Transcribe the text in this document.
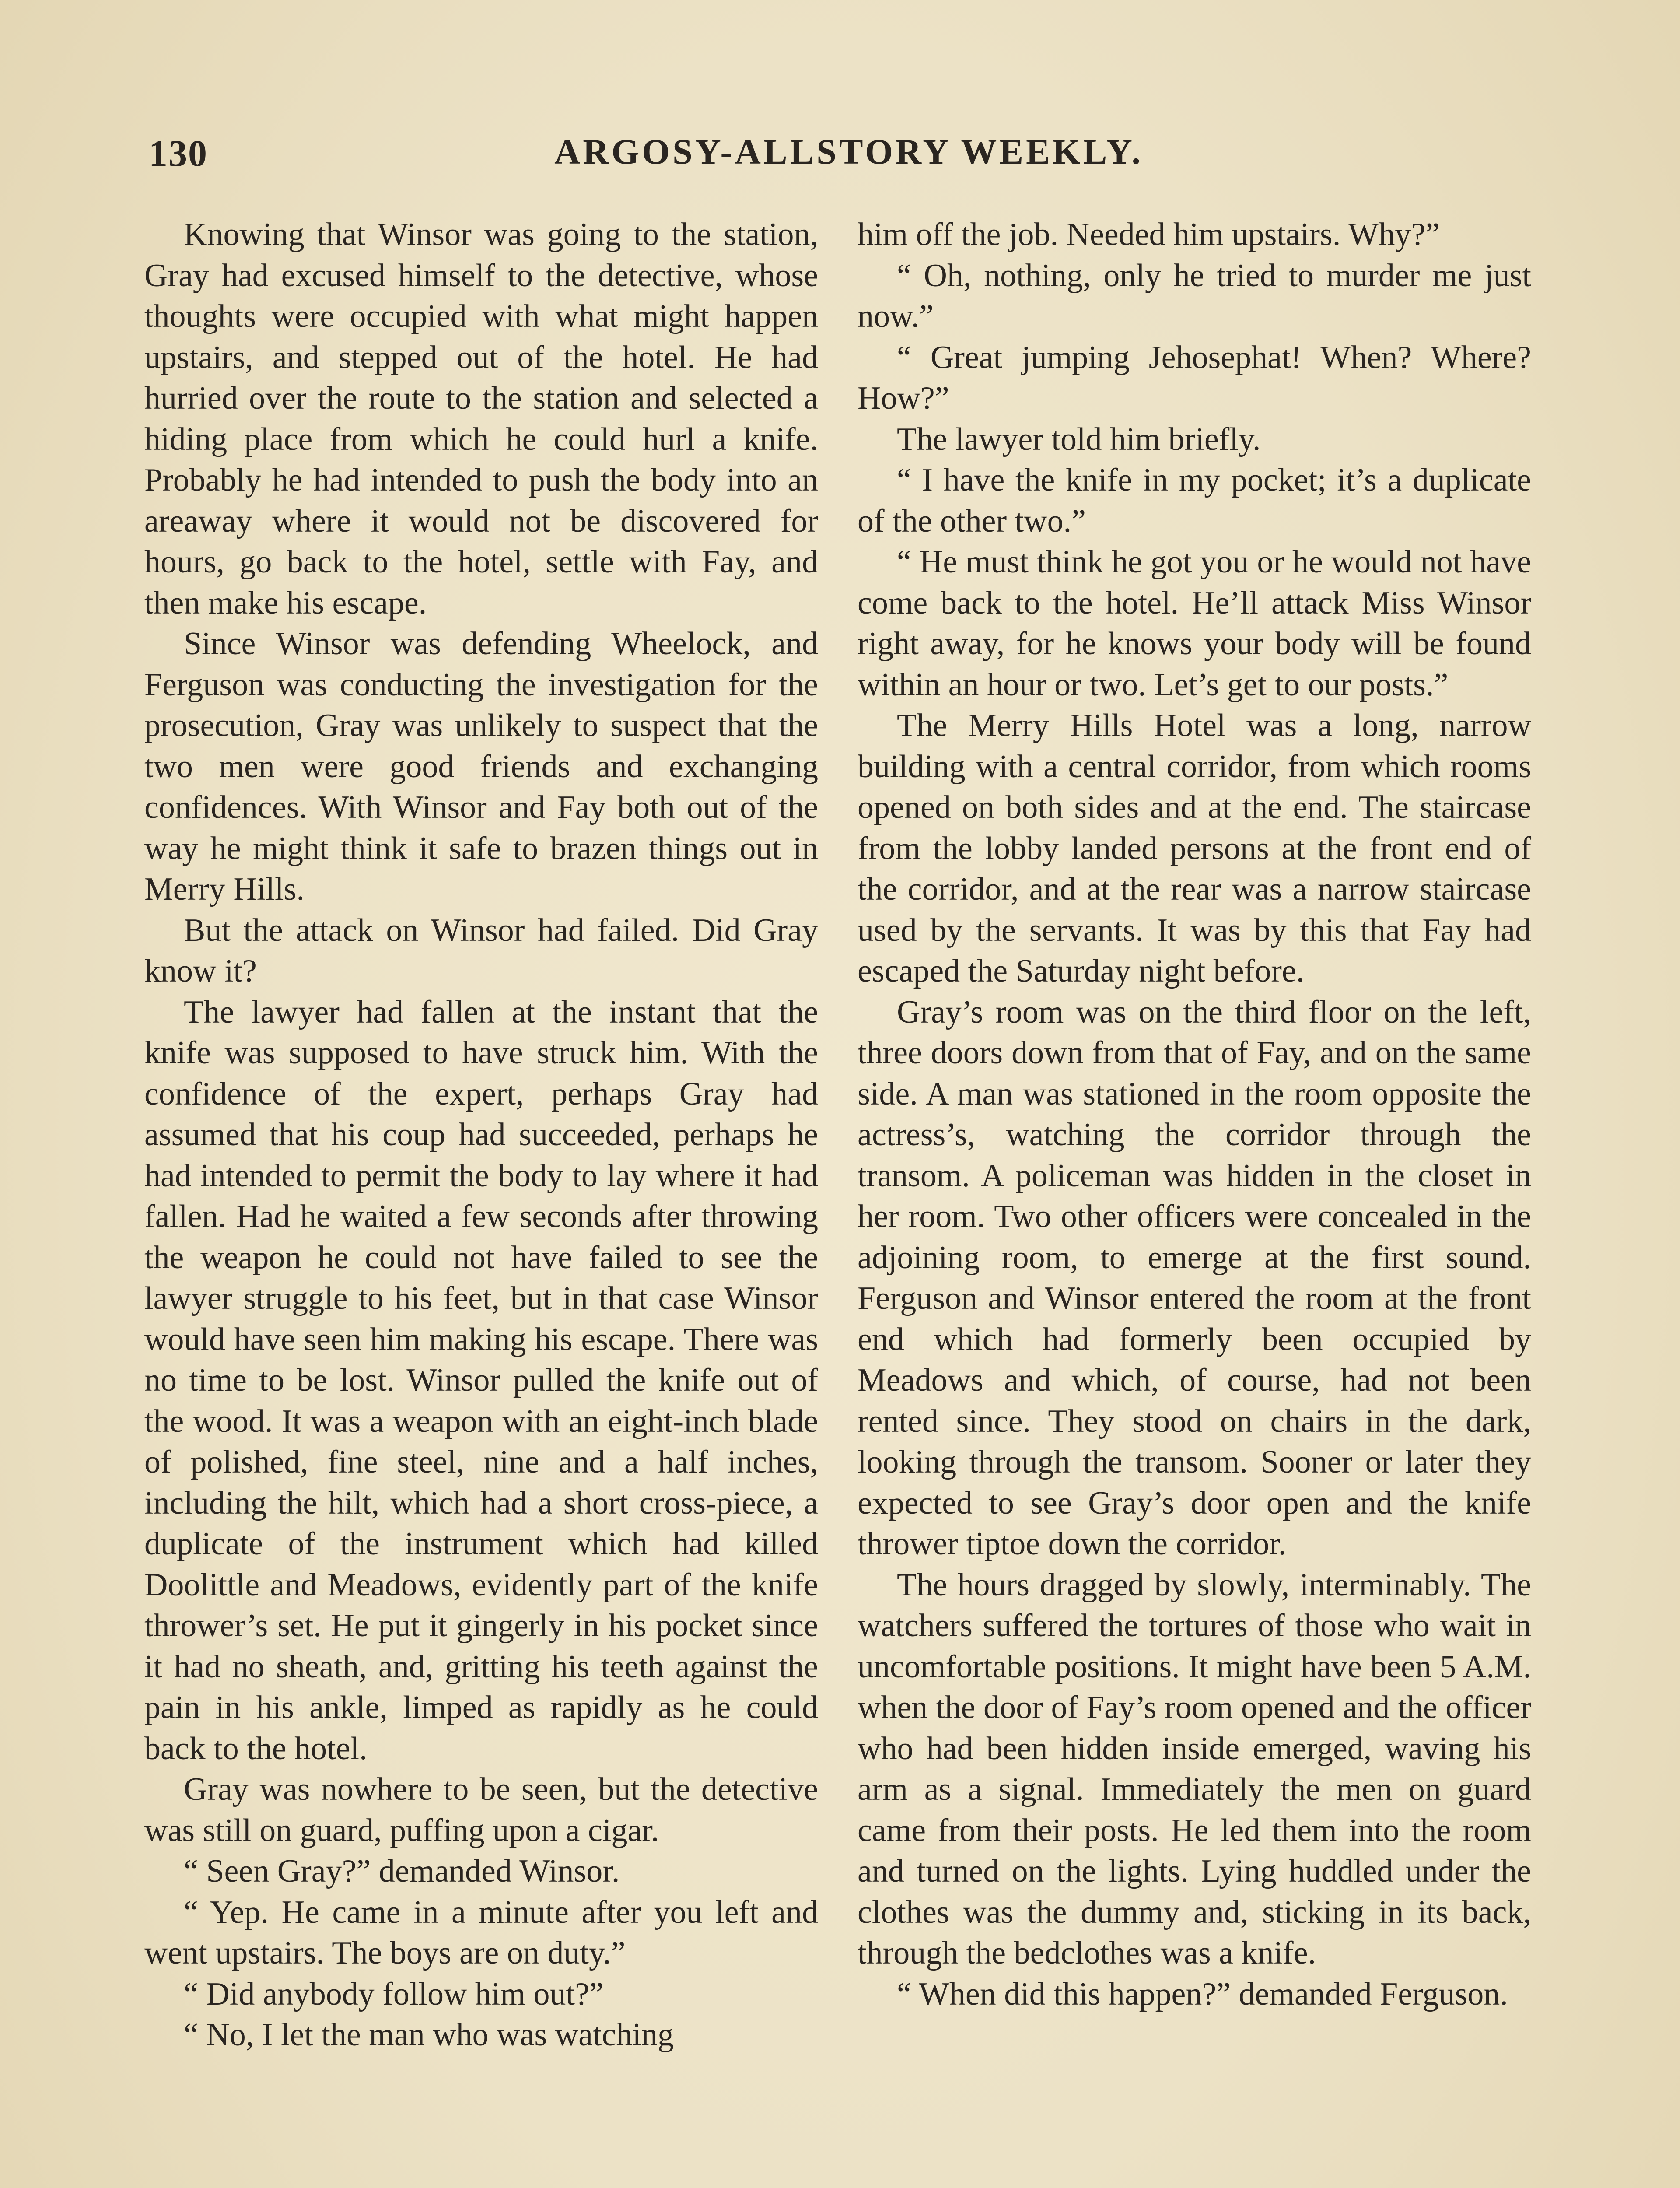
130	ARGOSY-ALLSTORY WEEKLY.

Knowing that Winsor was going to the station, Gray had excused himself to the detective, whose thoughts were occupied with what might happen upstairs, and stepped out of the hotel. He had hurried over the route to the station and selected a hiding place from which he could hurl a knife. Probably he had intended to push the body into an areaway where it would not be discovered for hours, go back to the hotel, settle with Fay, and then make his escape.

Since Winsor was defending Wheelock, and Ferguson was conducting the investigation for the prosecution, Gray was unlikely to suspect that the two men were good friends and exchanging confidences. With Winsor and Fay both out of the way he might think it safe to brazen things out in Merry Hills.

But the attack on Winsor had failed. Did Gray know it?

The lawyer had fallen at the instant that the knife was supposed to have struck him. With the confidence of the expert, perhaps Gray had assumed that his coup had succeeded, perhaps he had intended to permit the body to lay where it had fallen. Had he waited a few seconds after throwing the weapon he could not have failed to see the lawyer struggle to his feet, but in that case Winsor would have seen him making his escape. There was no time to be lost. Winsor pulled the knife out of the wood. It was a weapon with an eight-inch blade of polished, fine steel, nine and a half inches, including the hilt, which had a short cross-piece, a duplicate of the instrument which had killed Doolittle and Meadows, evidently part of the knife thrower’s set. He put it gingerly in his pocket since it had no sheath, and, gritting his teeth against the pain in his ankle, limped as rapidly as he could back to the hotel.

Gray was nowhere to be seen, but the detective was still on guard, puffing upon a cigar.

“ Seen Gray?” demanded Winsor.

“ Yep. He came in a minute after you left and went upstairs. The boys are on duty.”

“ Did anybody follow him out?”

“ No, I let the man who was watching

him off the job. Needed him upstairs. Why?”

“ Oh, nothing, only he tried to murder me just now.”

“ Great jumping Jehosephat! When? Where? How?”

The lawyer told him briefly.

“ I have the knife in my pocket; it’s a duplicate of the other two.”

“ He must think he got you or he would not have come back to the hotel. He’ll attack Miss Winsor right away, for he knows your body will be found within an hour or two. Let’s get to our posts.”

The Merry Hills Hotel was a long, narrow building with a central corridor, from which rooms opened on both sides and at the end. The staircase from the lobby landed persons at the front end of the corridor, and at the rear was a narrow staircase used by the servants. It was by this that Fay had escaped the Saturday night before.

Gray’s room was on the third floor on the left, three doors down from that of Fay, and on the same side. A man was stationed in the room opposite the actress’s, watching the corridor through the transom. A policeman was hidden in the closet in her room. Two other officers were concealed in the adjoining room, to emerge at the first sound. Ferguson and Winsor entered the room at the front end which had formerly been occupied by Meadows and which, of course, had not been rented since. They stood on chairs in the dark, looking through the transom. Sooner or later they expected to see Gray’s door open and the knife thrower tiptoe down the corridor.

The hours dragged by slowly, interminably. The watchers suffered the tortures of those who wait in uncomfortable positions. It might have been 5 A.M. when the door of Fay’s room opened and the officer who had been hidden inside emerged, waving his arm as a signal. Immediately the men on guard came from their posts. He led them into the room and turned on the lights. Lying huddled under the clothes was the dummy and, sticking in its back, through the bedclothes was a knife.

“ When did this happen?” demanded Ferguson.
